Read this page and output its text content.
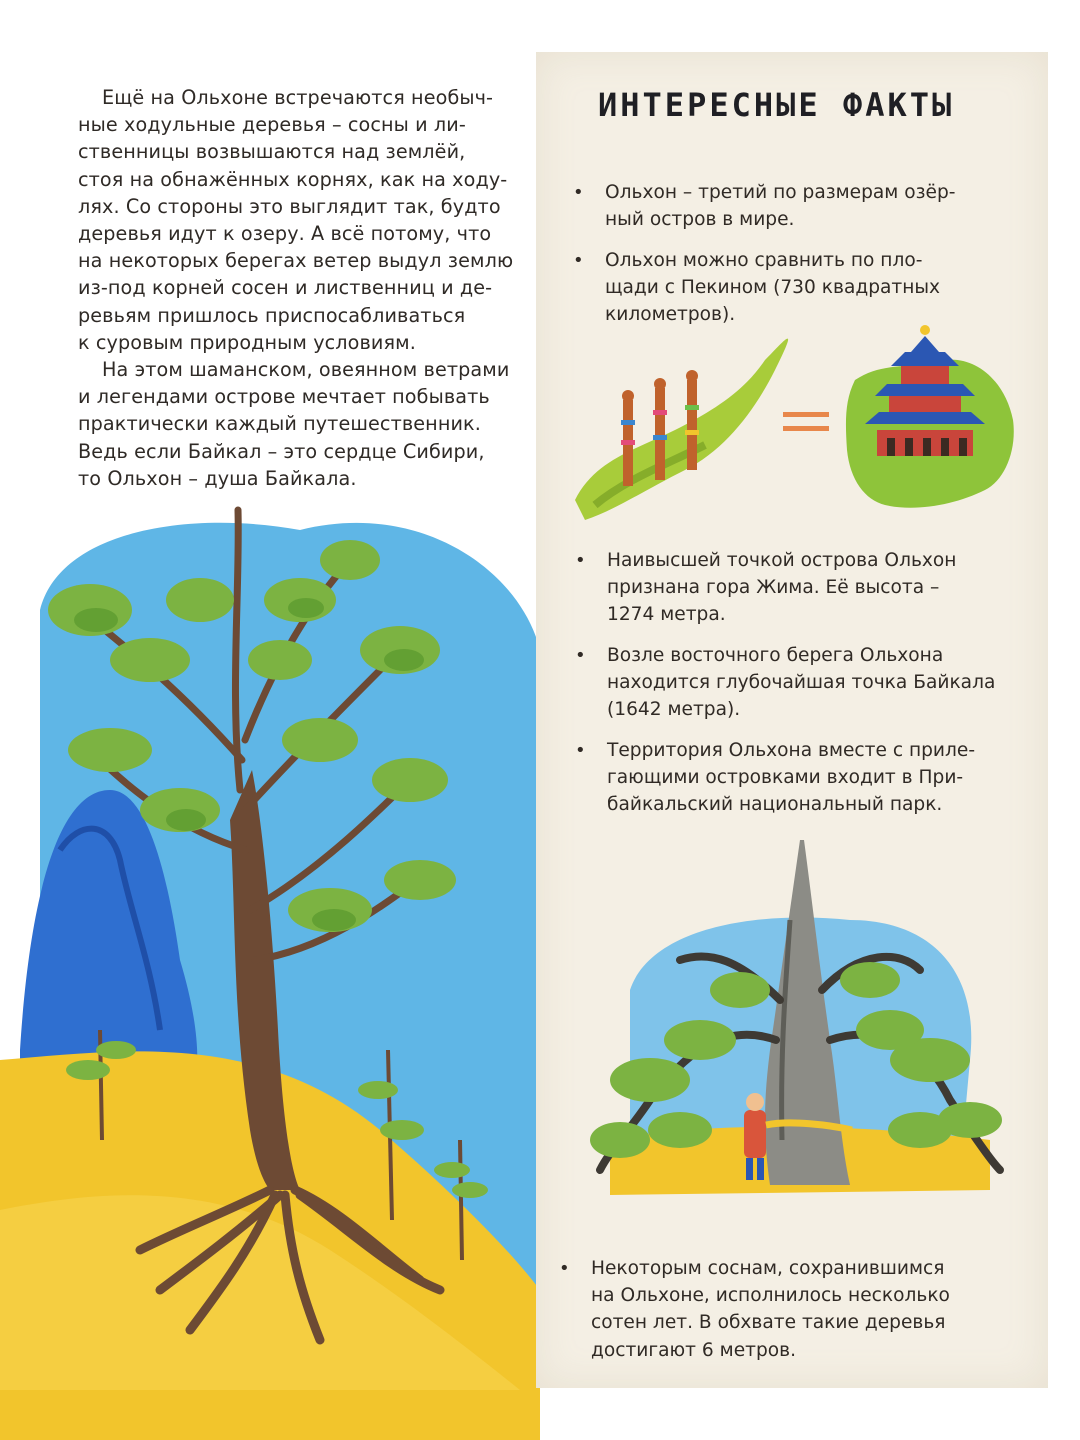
Ещё на Ольхоне встречаются необыч-
ные ходульные деревья – сосны и ли-
ственницы возвышаются над землёй,
стоя на обнажённых корнях, как на ходу-
лях. Со стороны это выглядит так, будто
деревья идут к озеру. А всё потому, что
на некоторых берегах ветер выдул землю
из-под корней сосен и лиственниц и де-
ревьям пришлось приспосабливаться
к суровым природным условиям.

На этом шаманском, овеянном ветрами
и легендами острове мечтает побывать
практически каждый путешественник.
Ведь если Байкал – это сердце Сибири,
то Ольхон – душа Байкала.

ИНТЕРЕСНЫЕ ФАКТЫ
• Ольхон – третий по размерам озёр-
ный остров в мире.
• Ольхон можно сравнить по пло-
щади с Пекином (730 квадратных
километров).
• Наивысшей точкой острова Ольхон
признана гора Жима. Её высота –
1274 метра.
• Возле восточного берега Ольхона
находится глубочайшая точка Байкала
(1642 метра).
• Территория Ольхона вместе с приле-
гающими островками входит в При-
байкальский национальный парк.
• Некоторым соснам, сохранившимся
на Ольхоне, исполнилось несколько
сотен лет. В обхвате такие деревья
достигают 6 метров.
